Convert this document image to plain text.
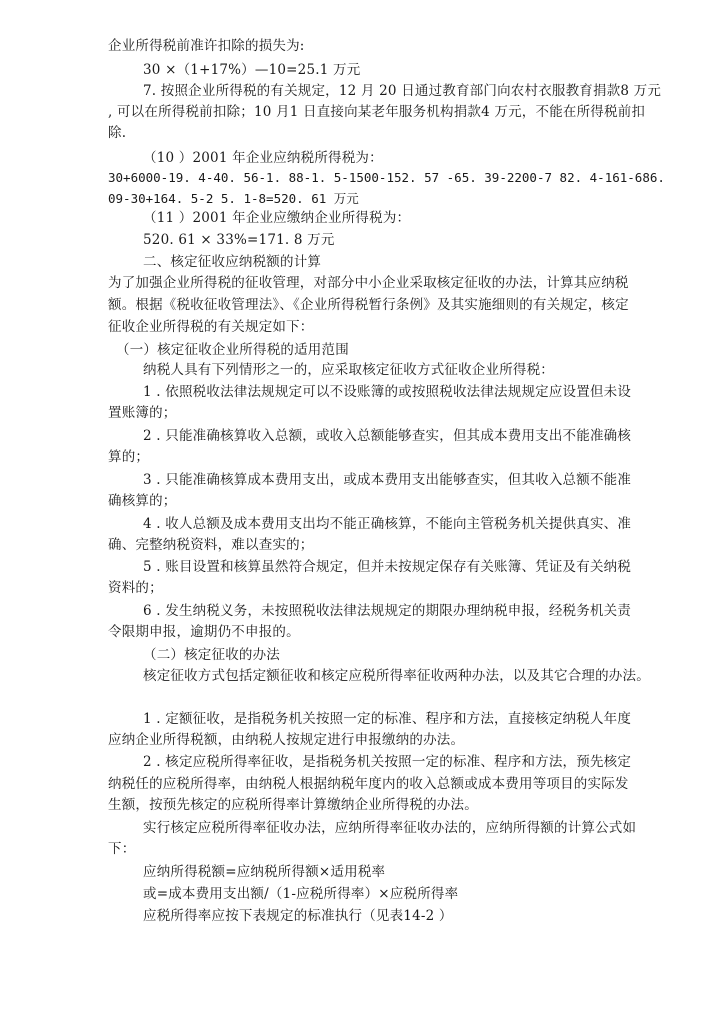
企业所得税前准许扣除的损失为:
30 ×（1+17%）—10=25.1 万元
7. 按照企业所得税的有关规定，12 月 20 日通过教育部门向农村衣服教育捐款8 万元
, 可以在所得税前扣除；10 月1 日直接向某老年服务机构捐款4 万元，不能在所得税前扣
除.
（10 ）2001 年企业应纳税所得税为：
30+6000-19. 4-40. 56-1. 88-1. 5-1500-152. 57 -65. 39-2200-7 82. 4-161-686.
09-30+164. 5-2 5. 1-8=520. 61 万元
（11 ）2001 年企业应缴纳企业所得税为：
520. 61 × 33%=171. 8 万元
二、核定征收应纳税额的计算
为了加强企业所得税的征收管理，对部分中小企业采取核定征收的办法，计算其应纳税
额。根据《税收征收管理法》、《企业所得税暂行条例》及其实施细则的有关规定，核定
征收企业所得税的有关规定如下：
（一）核定征收企业所得税的适用范围
纳税人具有下列情形之一的，应采取核定征收方式征收企业所得税：
1 . 依照税收法律法规规定可以不设账簿的或按照税收法律法规规定应设置但未设
置账簿的；
2 . 只能准确核算收入总额，或收入总额能够查实，但其成本费用支出不能准确核
算的；
3 . 只能准确核算成本费用支出，或成本费用支出能够查实，但其收入总额不能准
确核算的；
4 . 收人总额及成本费用支出均不能正确核算，不能向主管税务机关提供真实、准
确、完整纳税资料，难以查实的；
5 . 账目设置和核算虽然符合规定，但并未按规定保存有关账簿、凭证及有关纳税
资料的；
6 . 发生纳税义务，未按照税收法律法规规定的期限办理纳税申报，经税务机关责
令限期申报，逾期仍不申报的。
（二）核定征收的办法
核定征收方式包括定额征收和核定应税所得率征收两种办法，以及其它合理的办法。
1 . 定额征收，是指税务机关按照一定的标准、程序和方法，直接核定纳税人年度
应纳企业所得税额，由纳税人按规定进行申报缴纳的办法。
2 . 核定应税所得率征收，是指税务机关按照一定的标准、程序和方法，预先核定
纳税任的应税所得率，由纳税人根据纳税年度内的收入总额或成本费用等项目的实际发
生额，按预先核定的应税所得率计算缴纳企业所得税的办法。
实行核定应税所得率征收办法，应纳所得率征收办法的，应纳所得额的计算公式如
下：
应纳所得税额=应纳税所得额×适用税率
或=成本费用支出额/（1-应税所得率）×应税所得率
应税所得率应按下表规定的标准执行（见表14-2 ）
